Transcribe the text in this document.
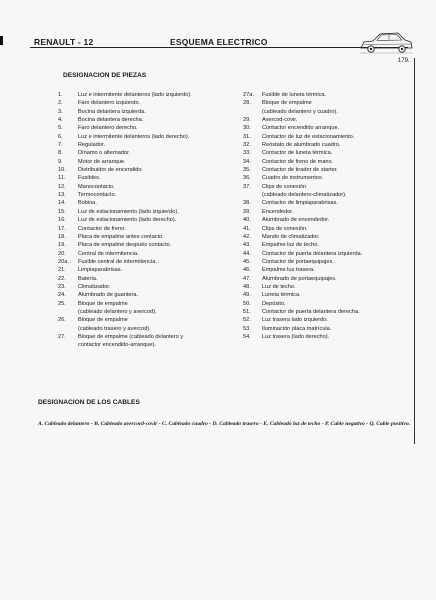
RENAULT - 12	ESQUEMA ELECTRICO
179.
DESIGNACION DE PIEZAS
1.	Luz e intermitente delanteros (lado izquierdo).
2.	Faro delantero izquierdo.
3.	Bocina delantera izquierda.
4.	Bocina delantera derecha.
5.	Faro delantero derecho.
6.	Luz e intermitente delanteros (lado derecho).
7.	Regulador.
8.	Dínamo o alternador.
9.	Motor de arranque.
10.	Distribuidor de encendido.
11.	Fusibles.
12.	Manocontacto.
13.	Termocontacto.
14.	Bobina.
15.	Luz de estacionamiento (lado izquierdo).
16.	Luz de estacionamiento (lado derecho).
17.	Contactor de freno.
18.	Placa de empalme antes contacto.
19.	Placa de empalme después contacto.
20.	Central de intermitencia.
20a.	Fusible central de intermitencia.
21.	Limpiaparabrisas.
22.	Batería.
23.	Climatizador.
24.	Alumbrado de guantera.
25.	Bloque de empalme
(cableado delantero y avercod).
26.	Bloque de empalme
(cableado trasero y avercod).
27.	Bloque de empalme (cableado delantero y
contactor encendido-arranque).
27a.	Fusible de luneta térmica.
28.	Bloque de empalme
(cableado delantero y cuadro).
29.	Avercod-covir.
30.	Contactor encendido arranque.
31.	Contactor de luz de estacionamiento.
32.	Reóstato de alumbrado cuadro.
33.	Contactor de luneta térmica.
34.	Contactor de freno de mano.
35.	Contactor de tirador de starter.
36.	Cuadro de instrumentos.
37.	Clips de conexión
(cableado delantero-climatizador).
38.	Contactor de limpiaparabrisas.
39.	Encendedor.
40.	Alumbrado de encendedor.
41.	Clips de conexión.
42.	Mando de climatizador.
43.	Empalme luz de techo.
44.	Contactor de puerta delantera izquierda.
45.	Contactor de portaequipajes.
46.	Empalme luz trasera.
47.	Alumbrado de portaequipajes.
48.	Luz de techo.
49.	Luneta térmica.
50.	Depósito.
51.	Contactor de puerta delantera derecha.
52.	Luz trasera lado izquierdo.
53.	Iluminación placa matrícula.
54.	Luz trasera (lado derecho).
DESIGNACION DE LOS CABLES
A. Cableado delantero - B. Cableado avercord-covir - C. Cableado cuadro - D. Cableado trasero - E. Cableado luz de techo - P. Cable negativo - Q. Cable positivo.
